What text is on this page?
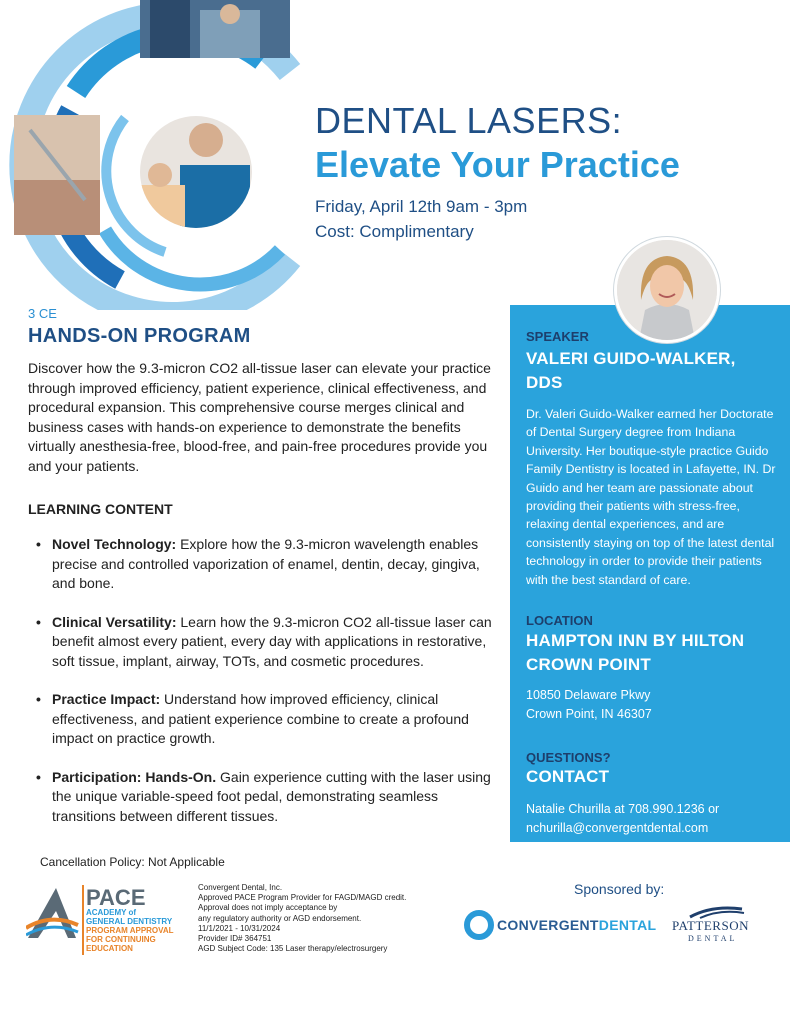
DENTAL LASERS:
Elevate Your Practice
Friday, April 12th 9am - 3pm
Cost: Complimentary
3 CE
HANDS-ON PROGRAM
Discover how the 9.3-micron CO2 all-tissue laser can elevate your practice through improved efficiency, patient experience, clinical effectiveness, and procedural expansion. This comprehensive course merges clinical and business cases with hands-on experience to demonstrate the benefits virtually anesthesia-free, blood-free, and pain-free procedures provide you and your patients.
LEARNING CONTENT
• Novel Technology: Explore how the 9.3-micron wavelength enables precise and controlled vaporization of enamel, dentin, decay, gingiva, and bone.
• Clinical Versatility: Learn how the 9.3-micron CO2 all-tissue laser can benefit almost every patient, every day with applications in restorative, soft tissue, implant, airway, TOTs, and cosmetic procedures.
• Practice Impact: Understand how improved efficiency, clinical effectiveness, and patient experience combine to create a profound impact on practice growth.
• Participation: Hands-On. Gain experience cutting with the laser using the unique variable-speed foot pedal, demonstrating seamless transitions between different tissues.
Cancellation Policy: Not Applicable
SPEAKER
VALERI GUIDO-WALKER, DDS
Dr. Valeri Guido-Walker earned her Doctorate of Dental Surgery degree from Indiana University. Her boutique-style practice Guido Family Dentistry is located in Lafayette, IN. Dr Guido and her team are passionate about providing their patients with stress-free, relaxing dental experiences, and are consistently staying on top of the latest dental technology in order to provide their patients with the best standard of care.
LOCATION
HAMPTON INN BY HILTON CROWN POINT
10850 Delaware Pkwy
Crown Point, IN 46307
QUESTIONS?
CONTACT
Natalie Churilla at 708.990.1236 or
nchurilla@convergentdental.com
PACE
ACADEMY of
GENERAL DENTISTRY
PROGRAM APPROVAL
FOR CONTINUING
EDUCATION
Convergent Dental, Inc.
Approved PACE Program Provider for FAGD/MAGD credit.
Approval does not imply acceptance by
any regulatory authority or AGD endorsement.
11/1/2021 - 10/31/2024
Provider ID# 364751
AGD Subject Code: 135 Laser therapy/electrosurgery
Sponsored by:
CONVERGENTDENTAL PATTERSON
DENTAL
